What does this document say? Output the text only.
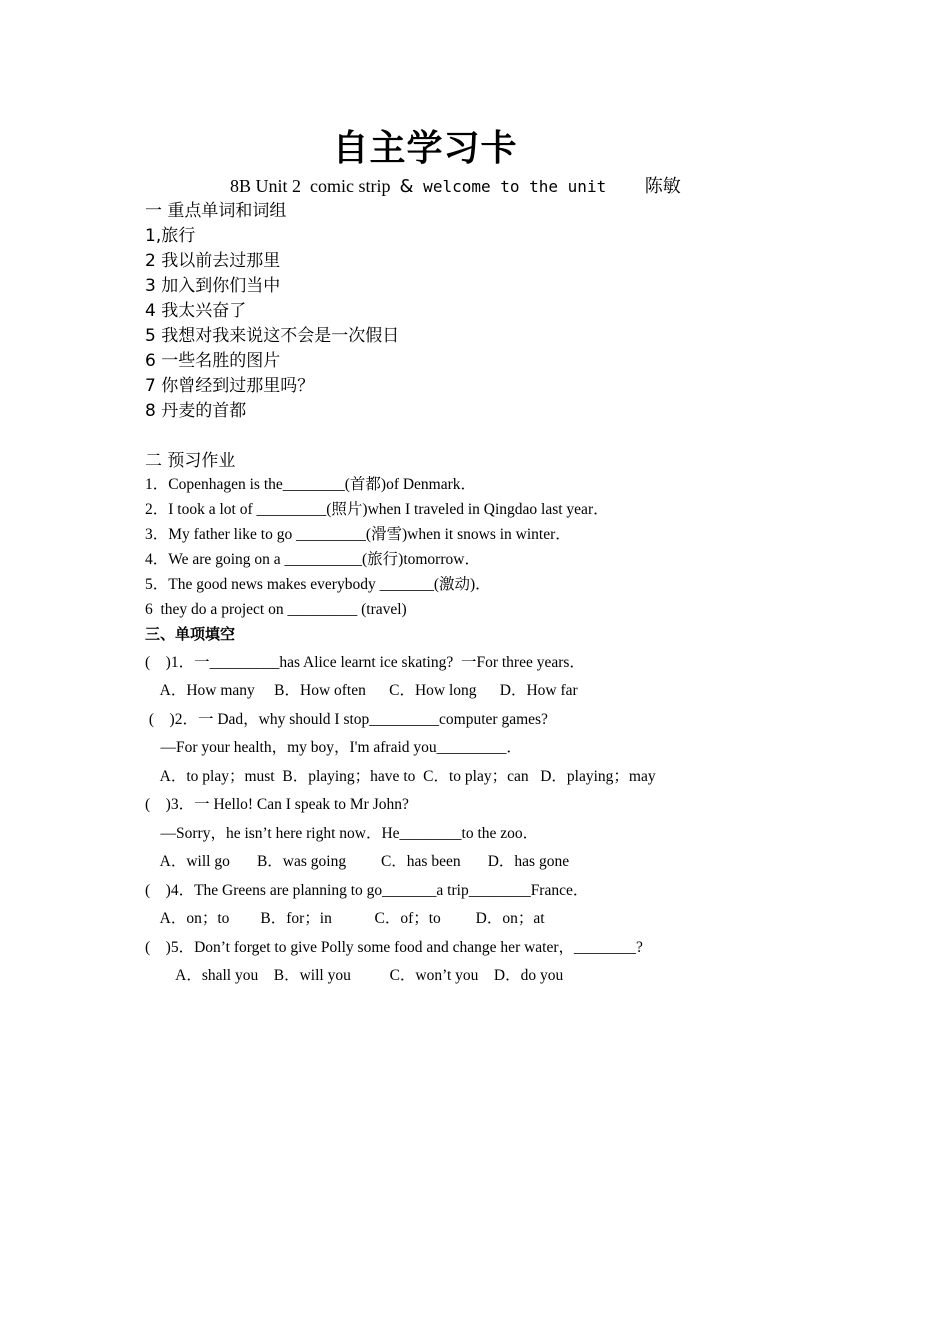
自主学习卡
8B Unit 2  comic strip  & welcome to the unit    陈敏
一 重点单词和词组
1,旅行
2 我以前去过那里
3 加入到你们当中
4 我太兴奋了
5 我想对我来说这不会是一次假日
6 一些名胜的图片
7 你曾经到过那里吗？
8 丹麦的首都
二 预习作业
1．Copenhagen is the________(首都)of Denmark．
2．I took a lot of _________(照片)when I traveled in Qingdao last year．
3．My father like to go _________(滑雪)when it snows in winter．
4．We are going on a __________(旅行)tomorrow．
5．The good news makes everybody _______(激动)．
6  they do a project on _________ (travel)
三、单项填空
(    )1．一_________has Alice learnt ice skating?  一For three years．
A．How many     B．How often      C．How long      D．How far
(    )2．一 Dad，why should I stop_________computer games?
—For your health，my boy，I'm afraid you_________．
A．to play；must  B．playing；have to  C．to play；can   D．playing；may
(    )3．一 Hello! Can I speak to Mr John?
—Sorry，he isn’t here right now．He________to the zoo．
A．will go       B．was going         C．has been       D．has gone
(    )4．The Greens are planning to go_______a trip________France．
A．on；to        B．for；in           C．of；to         D．on；at
(    )5．Don’t forget to give Polly some food and change her water，________?
A．shall you    B．will you          C．won’t you    D．do you
